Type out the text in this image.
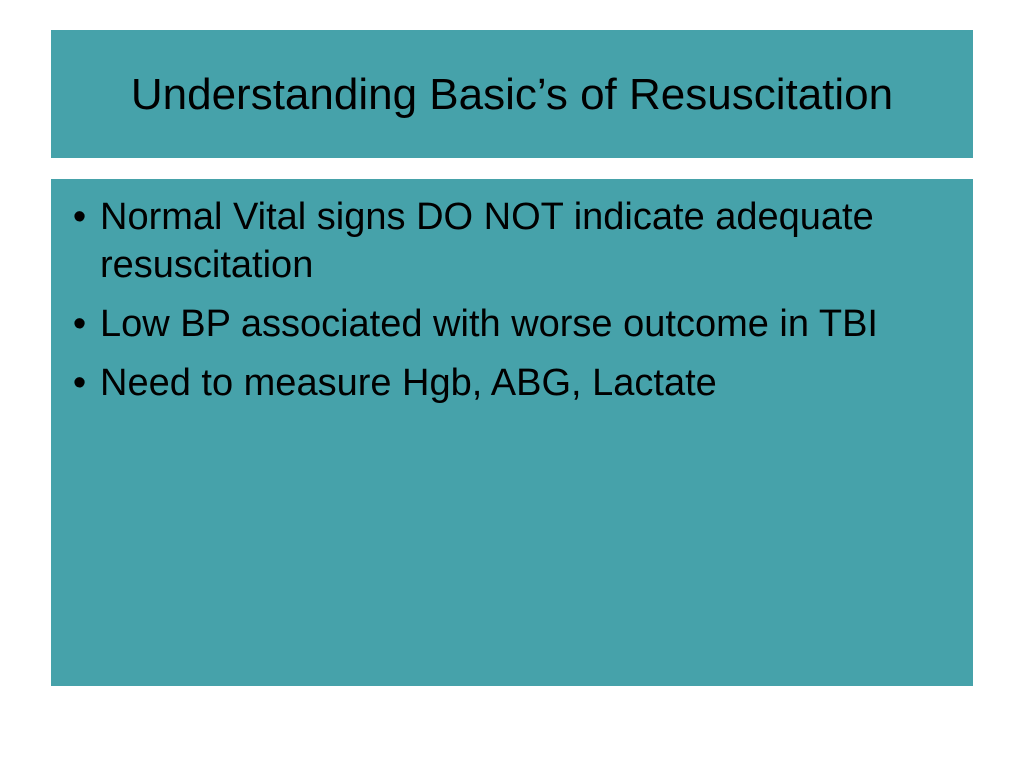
Understanding Basic’s of Resuscitation
• Normal Vital signs DO NOT indicate adequate resuscitation
• Low BP associated with worse outcome in TBI
• Need to measure Hgb, ABG, Lactate
